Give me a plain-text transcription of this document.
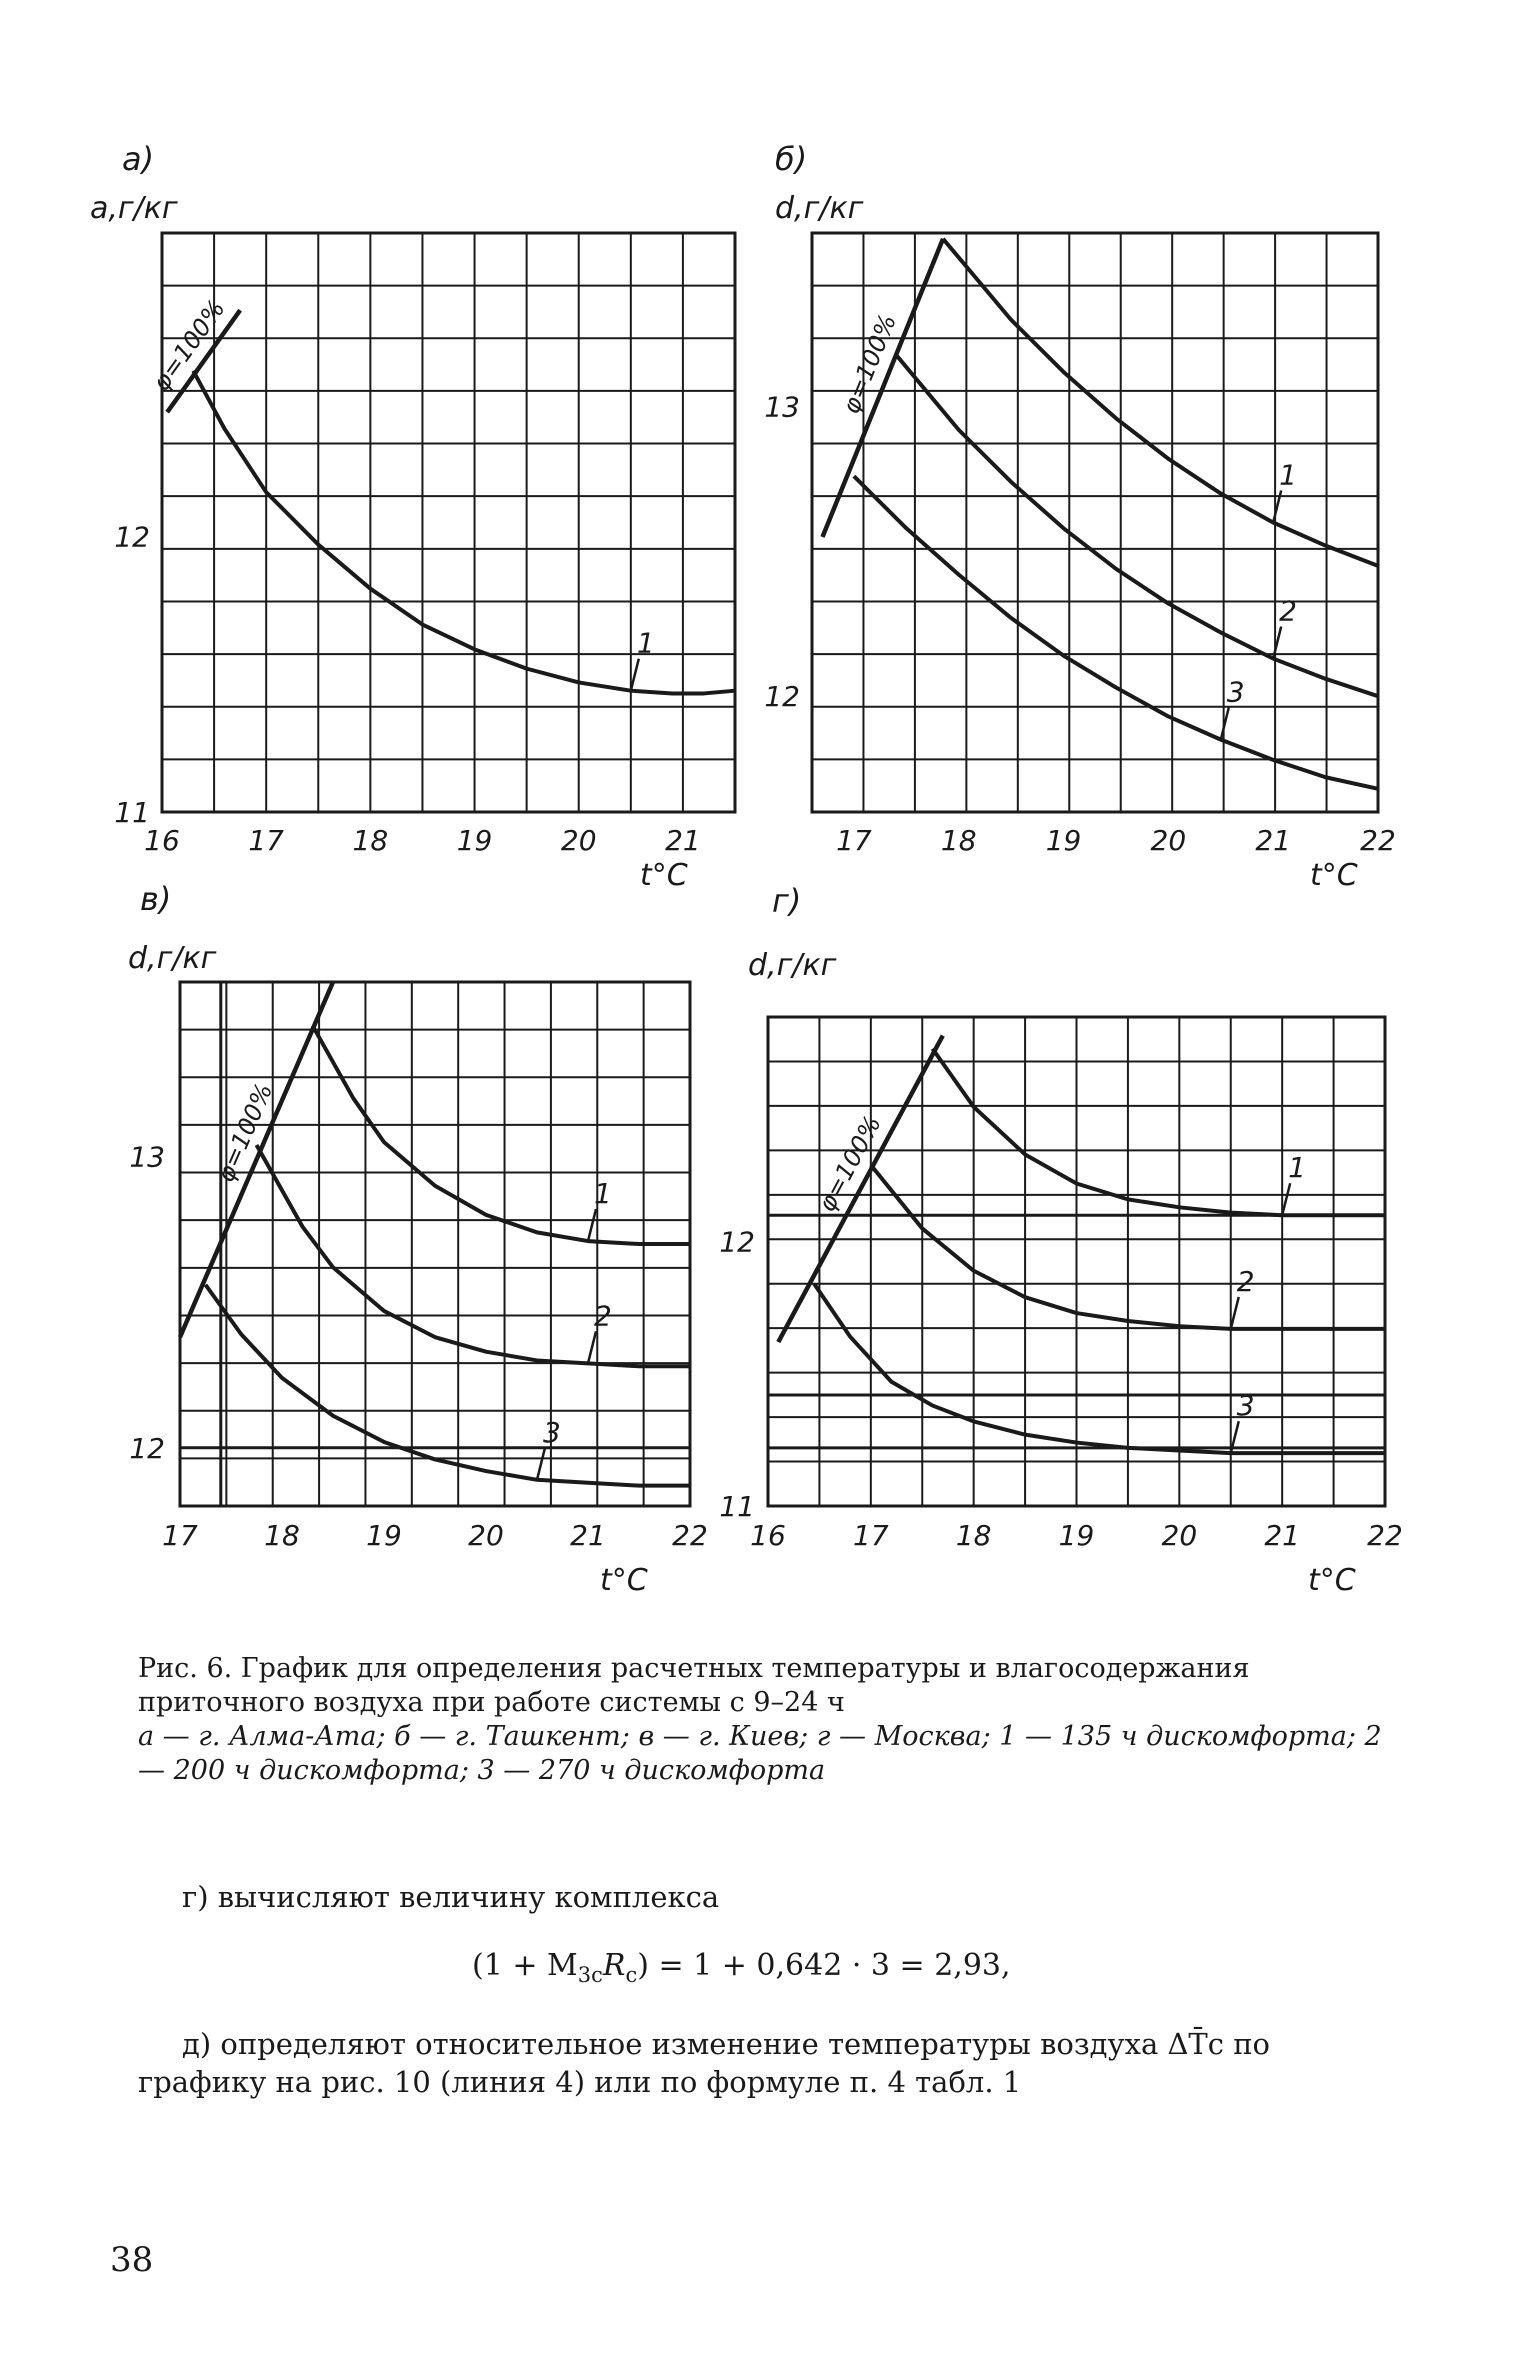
φ=100%
1
16 17 18 19 20 21
11
12
а,г/кг
t°C
а)
φ=100%
1
2
3
17 18 19 20 21 22
12
13
d,г/кг
t°C
б)
φ=100%
1
2
3
17 18 19 20 21 22
12
13
d,г/кг
t°C
в)
φ=100%	1
2
3
16 17 18 19 20 21 22
11
12
d,г/кг
t°C
г)
Рис. 6. График для определения расчетных температуры и влагосодержания приточного воздуха при работе системы с 9–24 ч
а — г. Алма-Ата; б — г. Ташкент; в — г. Киев; г — Москва; 1 — 135 ч дискомфорта; 2 — 200 ч дискомфорта; 3 — 270 ч дискомфорта
г) вычисляют величину комплекса
$(1 + M_{3с}R_с) = 1 + 0,642 \cdot 3 = 2,93$,
д) определяют относительное изменение температуры воздуха ΔT̄с по графику на рис. 10 (линия 4) или по формуле п. 4 табл. 1
38
